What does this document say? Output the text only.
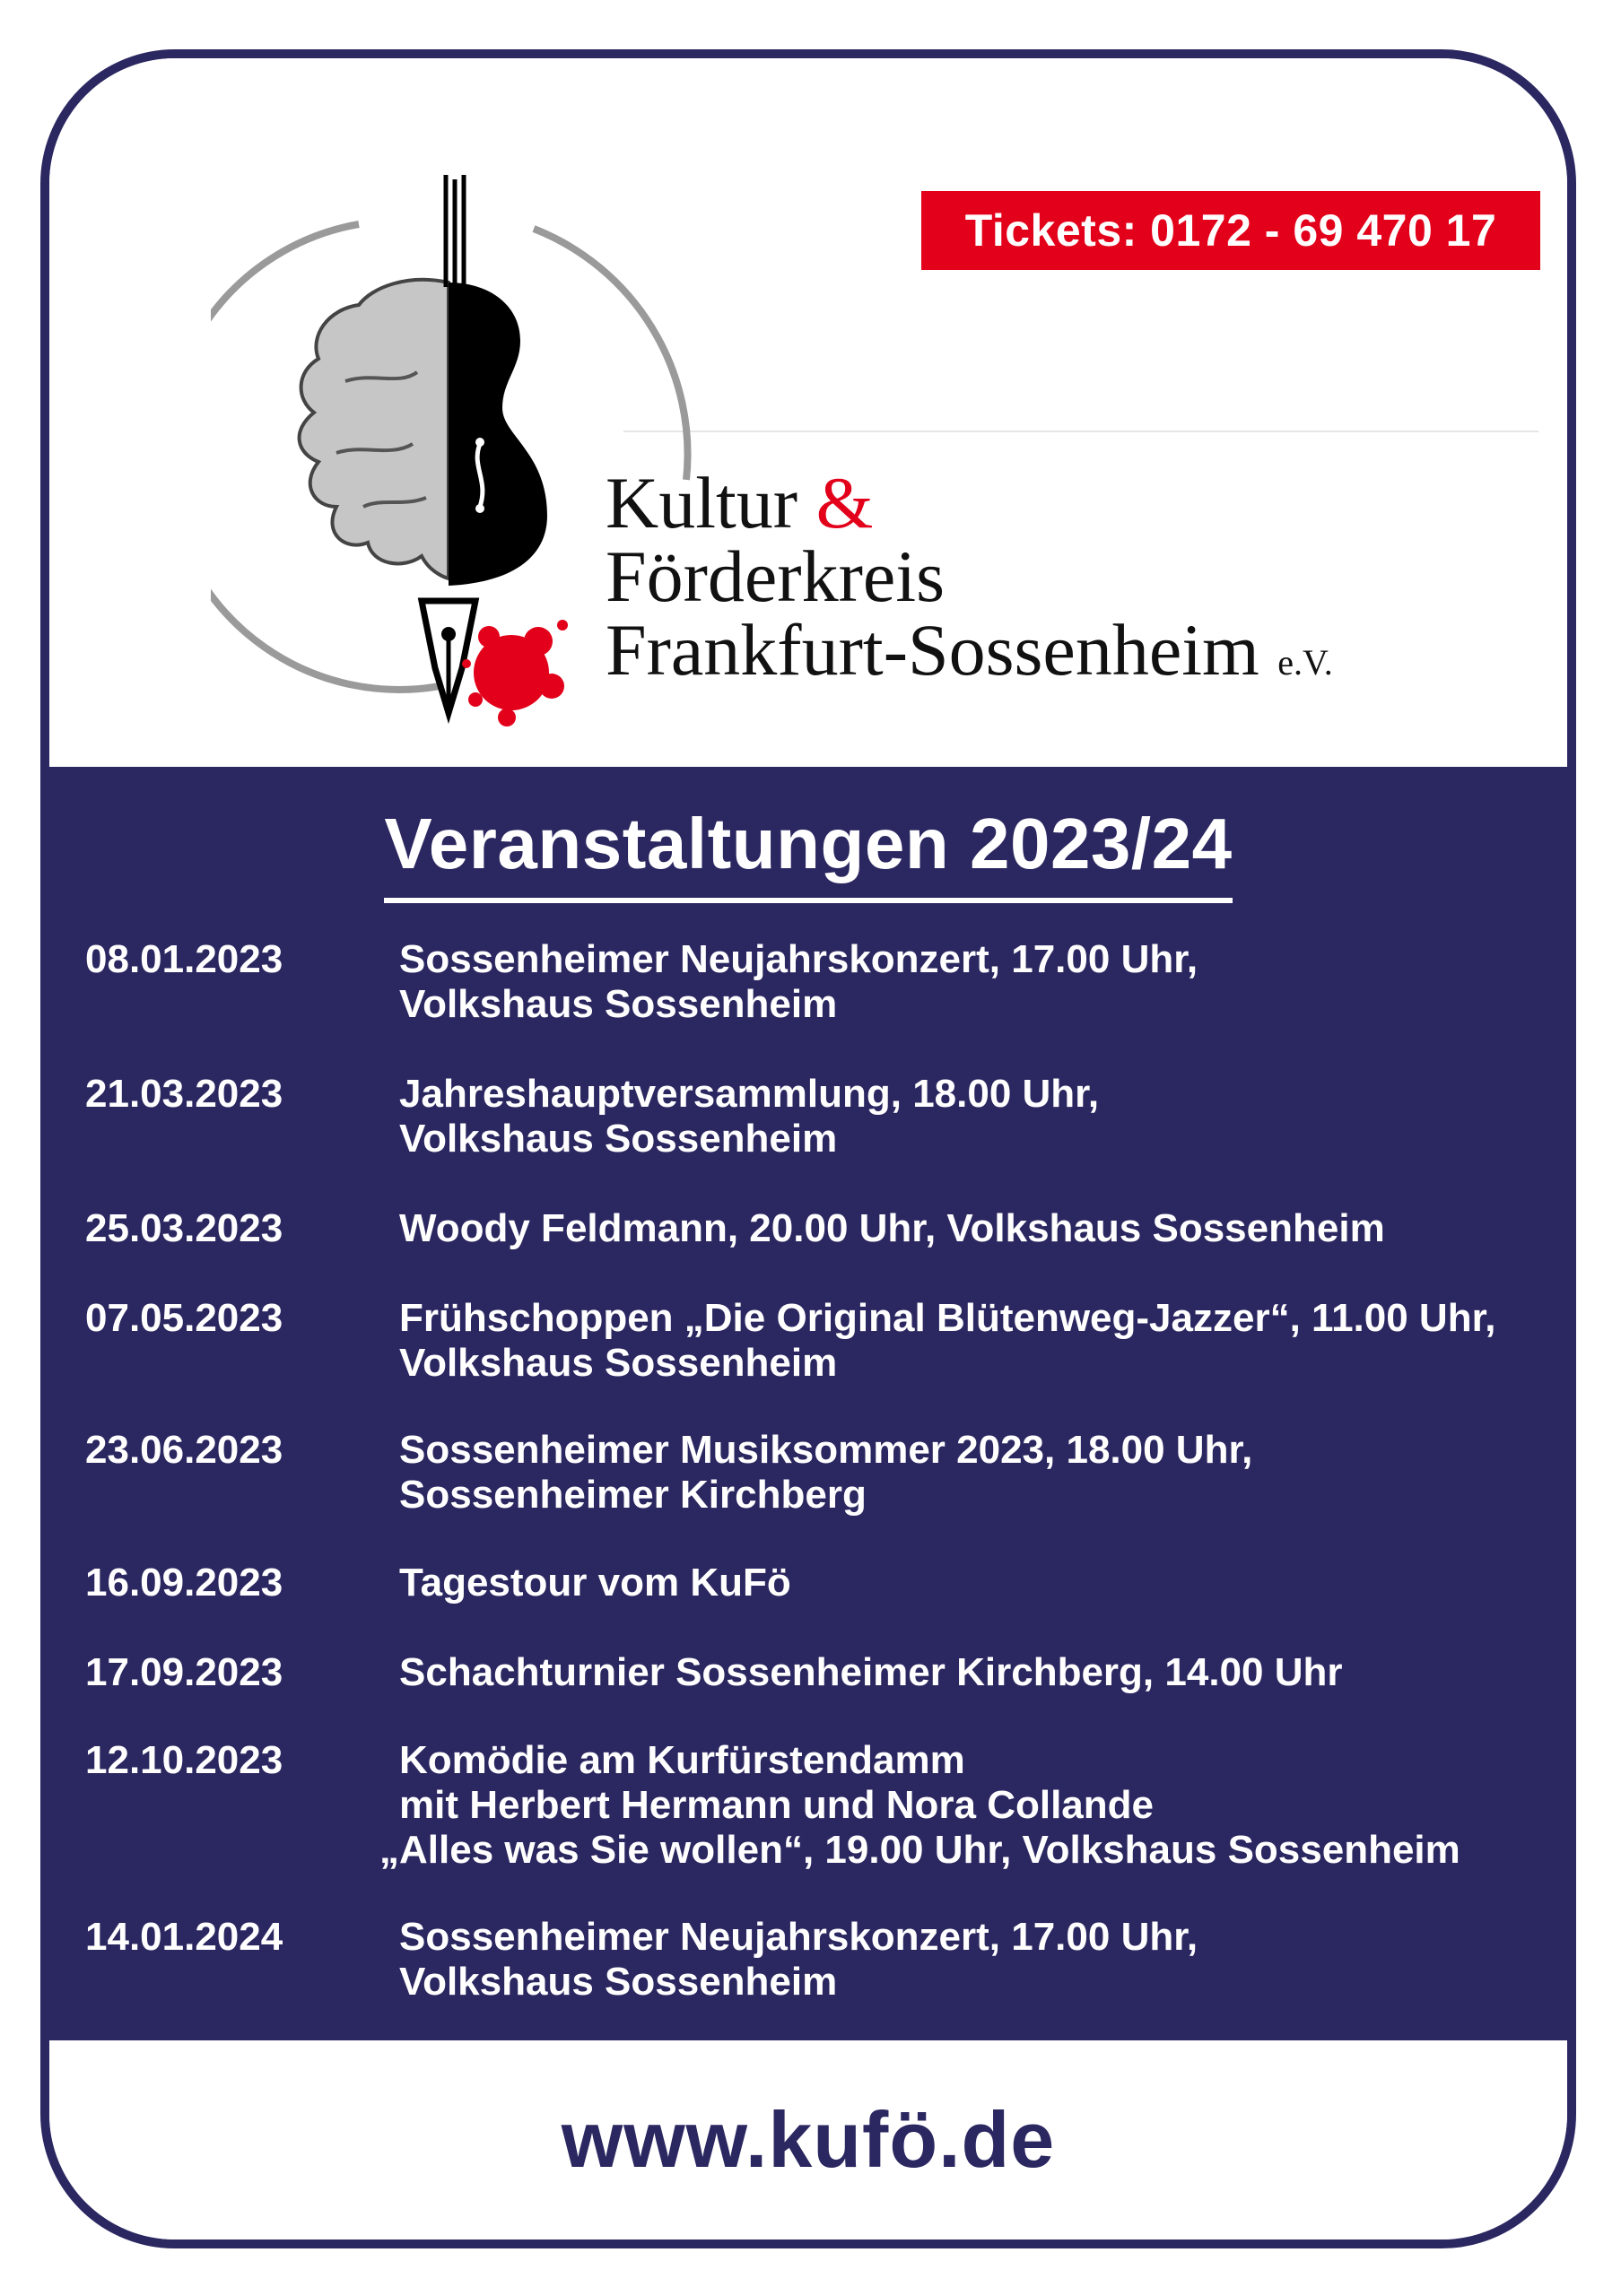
Tickets: 0172 - 69 470 17
Kultur &
Förderkreis
Frankfurt-Sossenheim e.V.
Veranstaltungen 2023/24
08.01.2023	Sossenheimer Neujahrskonzert, 17.00 Uhr,
Volkshaus Sossenheim
21.03.2023	Jahreshauptversammlung, 18.00 Uhr,
Volkshaus Sossenheim
25.03.2023	Woody Feldmann, 20.00 Uhr, Volkshaus Sossenheim
07.05.2023	Frühschoppen „Die Original Blütenweg-Jazzer“, 11.00 Uhr,
Volkshaus Sossenheim
23.06.2023	Sossenheimer Musiksommer 2023, 18.00 Uhr,
Sossenheimer Kirchberg
16.09.2023	Tagestour vom KuFö
17.09.2023	Schachturnier Sossenheimer Kirchberg, 14.00 Uhr
12.10.2023	Komödie am Kurfürstendamm
mit Herbert Hermann und Nora Collande
„Alles was Sie wollen“, 19.00 Uhr, Volkshaus Sossenheim
14.01.2024	Sossenheimer Neujahrskonzert, 17.00 Uhr,
Volkshaus Sossenheim
www.kufö.de
